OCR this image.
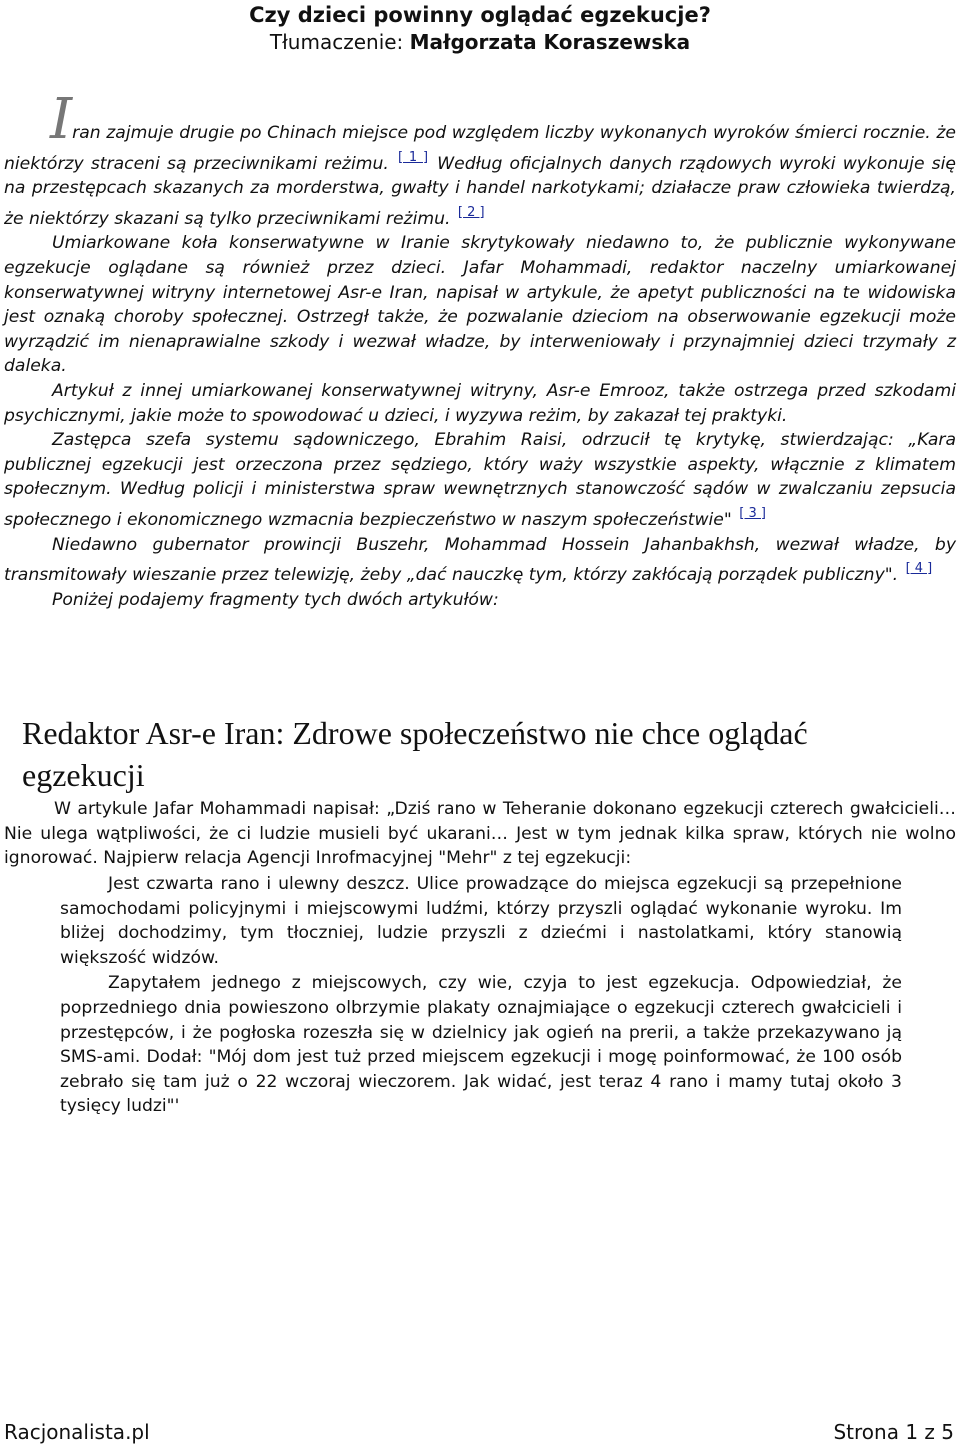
Czy dzieci powinny oglądać egzekucje?

Tłumaczenie: Małgorzata Koraszewska

Iran zajmuje drugie po Chinach miejsce pod względem liczby wykonanych wyroków śmierci rocznie. że niektórzy straceni są przeciwnikami reżimu. [ 1 ] Według oficjalnych danych rządowych wyroki wykonuje się na przestępcach skazanych za morderstwa, gwałty i handel narkotykami; działacze praw człowieka twierdzą, że niektórzy skazani są tylko przeciwnikami reżimu. [ 2 ]

Umiarkowane koła konserwatywne w Iranie skrytykowały niedawno to, że publicznie wykonywane egzekucje oglądane są również przez dzieci. Jafar Mohammadi, redaktor naczelny umiarkowanej konserwatywnej witryny internetowej Asr-e Iran, napisał w artykule, że apetyt publiczności na te widowiska jest oznaką choroby społecznej. Ostrzegł także, że pozwalanie dzieciom na obserwowanie egzekucji może wyrządzić im nienaprawialne szkody i wezwał władze, by interweniowały i przynajmniej dzieci trzymały z daleka.

Artykuł z innej umiarkowanej konserwatywnej witryny, Asr-e Emrooz, także ostrzega przed szkodami psychicznymi, jakie może to spowodować u dzieci, i wyzywa reżim, by zakazał tej praktyki.

Zastępca szefa systemu sądowniczego, Ebrahim Raisi, odrzucił tę krytykę, stwierdzając: „Kara publicznej egzekucji jest orzeczona przez sędziego, który waży wszystkie aspekty, włącznie z klimatem społecznym. Według policji i ministerstwa spraw wewnętrznych stanowczość sądów w zwalczaniu zepsucia społecznego i ekonomicznego wzmacnia bezpieczeństwo w naszym społeczeństwie" [ 3 ]

Niedawno gubernator prowincji Buszehr, Mohammad Hossein Jahanbakhsh, wezwał władze, by transmitowały wieszanie przez telewizję, żeby „dać nauczkę tym, którzy zakłócają porządek publiczny". [ 4 ]

Poniżej podajemy fragmenty tych dwóch artykułów:

Redaktor Asr-e Iran: Zdrowe społeczeństwo nie chce oglądać egzekucji

W artykule Jafar Mohammadi napisał: „Dziś rano w Teheranie dokonano egzekucji czterech gwałcicieli… Nie ulega wątpliwości, że ci ludzie musieli być ukarani… Jest w tym jednak kilka spraw, których nie wolno ignorować. Najpierw relacja Agencji Inrofmacyjnej "Mehr" z tej egzekucji:

Jest czwarta rano i ulewny deszcz. Ulice prowadzące do miejsca egzekucji są przepełnione samochodami policyjnymi i miejscowymi ludźmi, którzy przyszli oglądać wykonanie wyroku. Im bliżej dochodzimy, tym tłoczniej, ludzie przyszli z dziećmi i nastolatkami, który stanowią większość widzów.

Zapytałem jednego z miejscowych, czy wie, czyja to jest egzekucja. Odpowiedział, że poprzedniego dnia powieszono olbrzymie plakaty oznajmiające o egzekucji czterech gwałcicieli i przestępców, i że pogłoska rozeszła się w dzielnicy jak ogień na prerii, a także przekazywano ją SMS-ami. Dodał: "Mój dom jest tuż przed miejscem egzekucji i mogę poinformować, że 100 osób zebrało się tam już o 22 wczoraj wieczorem. Jak widać, jest teraz 4 rano i mamy tutaj około 3 tysięcy ludzi"'

Racjonalista.pl	Strona 1 z 5
